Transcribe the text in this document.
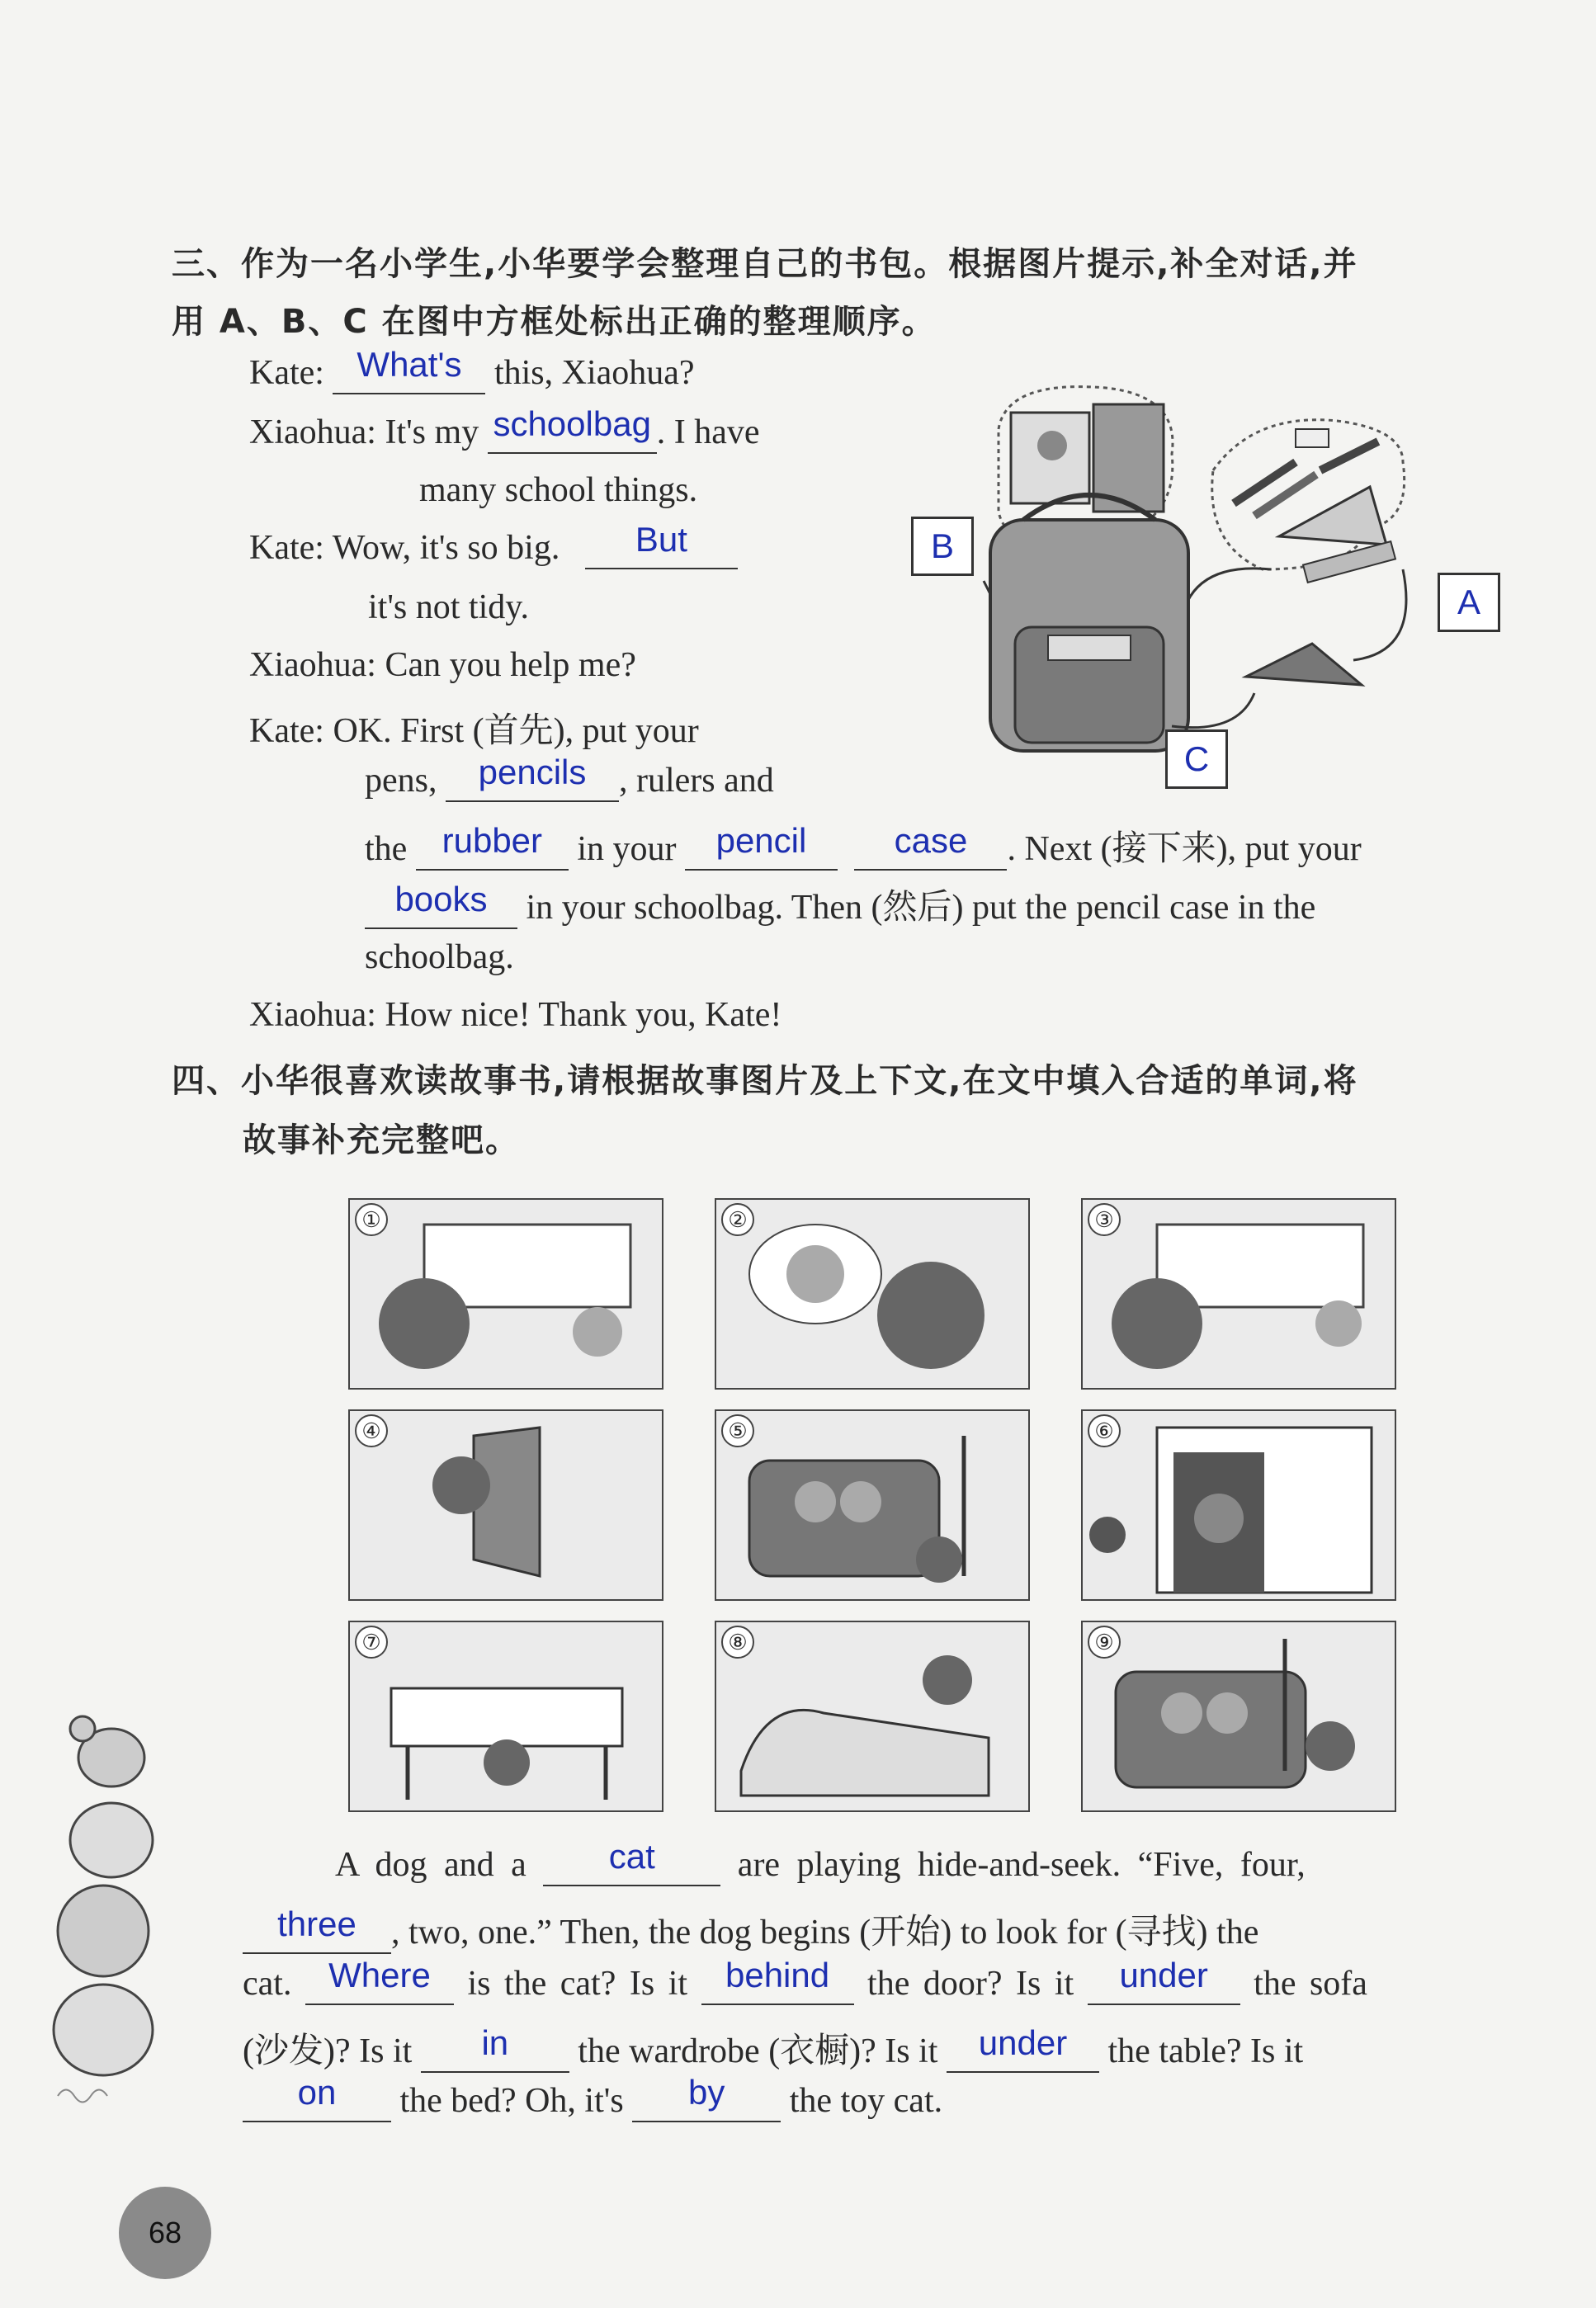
三、作为一名小学生,小华要学会整理自己的书包。根据图片提示,补全对话,并
用 A、B、C 在图中方框处标出正确的整理顺序。
Kate: What's this, Xiaohua?
Xiaohua: It's my schoolbag . I have
many school things.
Kate: Wow, it's so big.	But

it's not tidy.
Xiaohua: Can you help me?
Kate: OK. First (首先), put your
pens,	pencils , rulers and
the	rubber	in your	pencil
	case	. Next (接下来), put your
books	in your schoolbag. Then (然后) put the pencil case in the
schoolbag.
Xiaohua: How nice! Thank you, Kate!
B
A
C
四、小华很喜欢读故事书,请根据故事图片及上下文,在文中填入合适的单词,将
故事补充完整吧。
①	②	③
④	⑤	⑥
⑦	⑧	⑨
A dog and a	cat	are playing hide-and-seek. “Five, four,
three	, two, one.” Then, the dog begins (开始) to look for (寻找) the
cat.	Where	is the cat? Is it	behind	the door? Is it	under	the sofa
(沙发)? Is it	in	the wardrobe (衣橱)? Is it	under	the table? Is it
on	the bed? Oh, it's	by	the toy cat.
68
